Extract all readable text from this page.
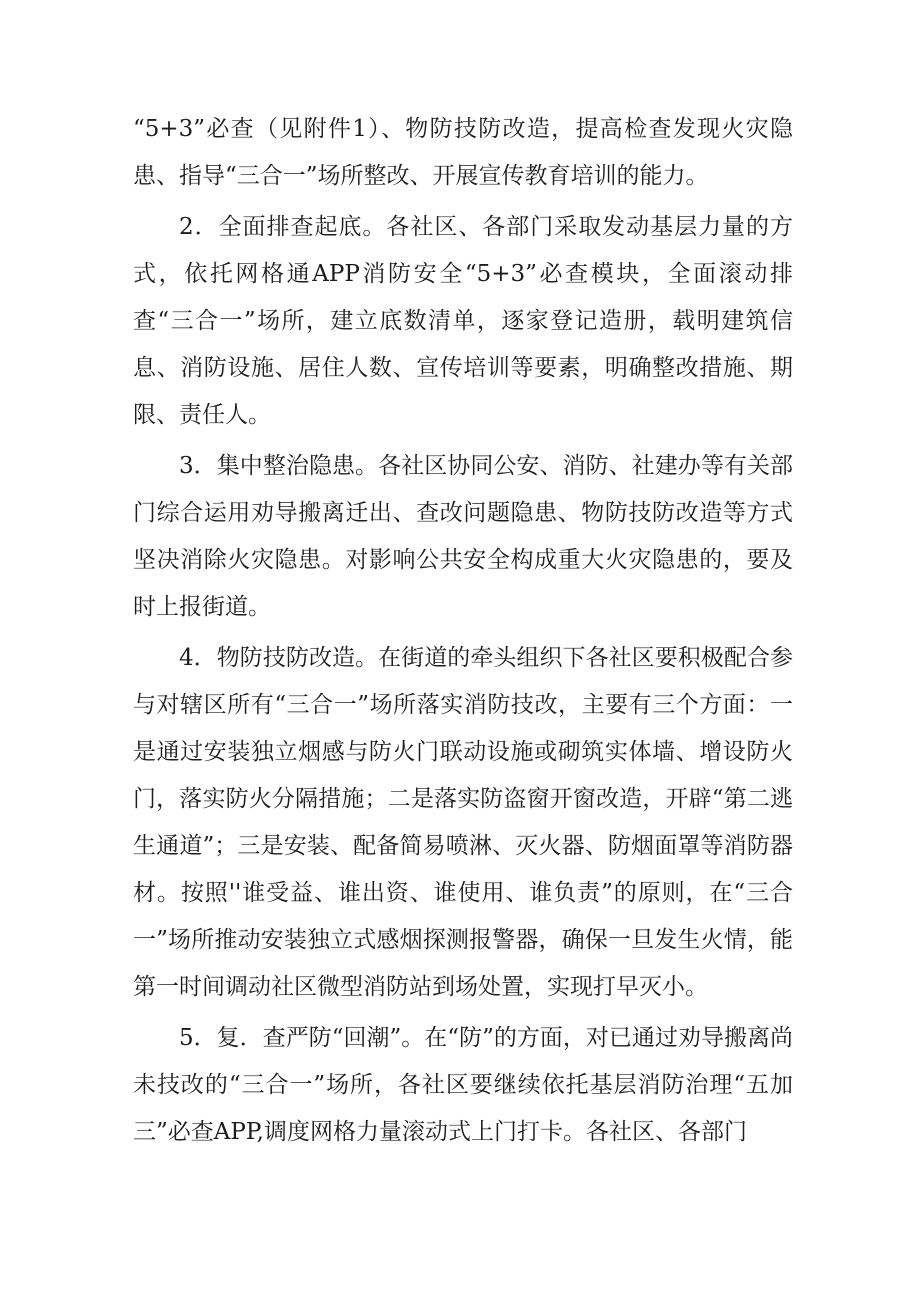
“5+3”必查（见附件1）、物防技防改造，提高检查发现火灾隐患、指导“三合一”场所整改、开展宣传教育培训的能力。

2．全面排查起底。各社区、各部门采取发动基层力量的方式，依托网格通APP消防安全“5+3”必查模块，全面滚动排查“三合一”场所，建立底数清单，逐家登记造册，载明建筑信息、消防设施、居住人数、宣传培训等要素，明确整改措施、期限、责任人。

3．集中整治隐患。各社区协同公安、消防、社建办等有关部门综合运用劝导搬离迁出、查改问题隐患、物防技防改造等方式坚决消除火灾隐患。对影响公共安全构成重大火灾隐患的，要及时上报街道。

4．物防技防改造。在街道的牵头组织下各社区要积极配合参与对辖区所有“三合一”场所落实消防技改，主要有三个方面：一是通过安装独立烟感与防火门联动设施或砌筑实体墙、增设防火门，落实防火分隔措施；二是落实防盗窗开窗改造，开辟“第二逃生通道”；三是安装、配备简易喷淋、灭火器、防烟面罩等消防器材。按照''谁受益、谁出资、谁使用、谁负责”的原则，在“三合一”场所推动安装独立式感烟探测报警器，确保一旦发生火情，能第一时间调动社区微型消防站到场处置，实现打早灭小。

5．复．查严防“回潮”。在“防”的方面，对已通过劝导搬离尚未技改的“三合一”场所，各社区要继续依托基层消防治理“五加三”必查APP,调度网格力量滚动式上门打卡。各社区、各部门
